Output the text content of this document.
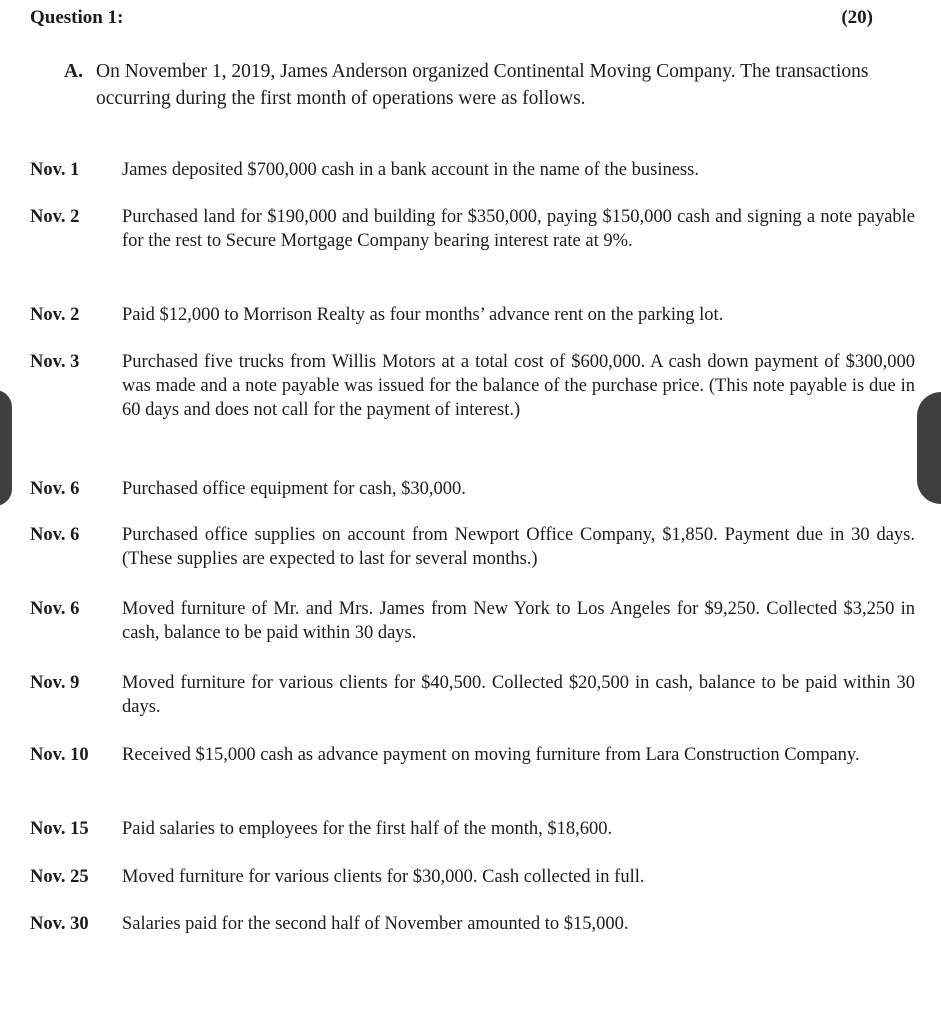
Question 1:	(20)
A. On November 1, 2019, James Anderson organized Continental Moving Company. The transactions occurring during the first month of operations were as follows.
Nov. 1 James deposited $700,000 cash in a bank account in the name of the business.
Nov. 2 Purchased land for $190,000 and building for $350,000, paying $150,000 cash and signing a note payable for the rest to Secure Mortgage Company bearing interest rate at 9%.
Nov. 2 Paid $12,000 to Morrison Realty as four months’ advance rent on the parking lot.
Nov. 3 Purchased five trucks from Willis Motors at a total cost of $600,000. A cash down payment of $300,000 was made and a note payable was issued for the balance of the purchase price. (This note payable is due in 60 days and does not call for the payment of interest.)
Nov. 6 Purchased office equipment for cash, $30,000.
Nov. 6 Purchased office supplies on account from Newport Office Company, $1,850. Payment due in 30 days. (These supplies are expected to last for several months.)
Nov. 6 Moved furniture of Mr. and Mrs. James from New York to Los Angeles for $9,250. Collected $3,250 in cash, balance to be paid within 30 days.
Nov. 9 Moved furniture for various clients for $40,500. Collected $20,500 in cash, balance to be paid within 30 days.
Nov. 10 Received $15,000 cash as advance payment on moving furniture from Lara Construction Company.
Nov. 15 Paid salaries to employees for the first half of the month, $18,600.
Nov. 25 Moved furniture for various clients for $30,000. Cash collected in full.
Nov. 30 Salaries paid for the second half of November amounted to $15,000.
